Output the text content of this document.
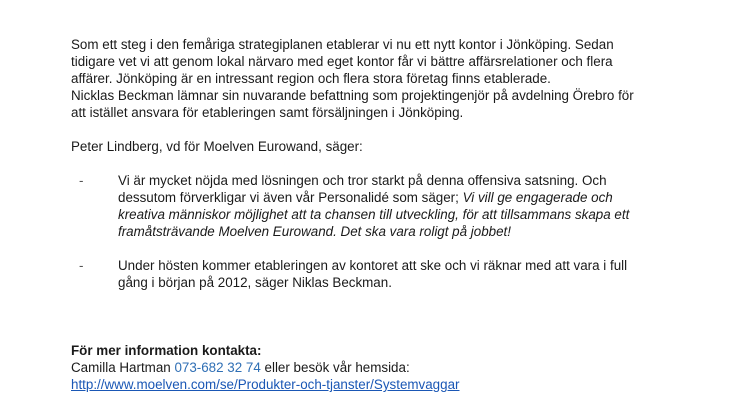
Som ett steg i den femåriga strategiplanen etablerar vi nu ett nytt kontor i Jönköping. Sedan
tidigare vet vi att genom lokal närvaro med eget kontor får vi bättre affärsrelationer och flera
affärer. Jönköping är en intressant region och flera stora företag finns etablerade.
Nicklas Beckman lämnar sin nuvarande befattning som projektingenjör på avdelning Örebro för
att istället ansvara för etableringen samt försäljningen i Jönköping.

Peter Lindberg, vd för Moelven Eurowand, säger:

-	Vi är mycket nöjda med lösningen och tror starkt på denna offensiva satsning. Och
dessutom förverkligar vi även vår Personalidé som säger; Vi vill ge engagerade och
kreativa människor möjlighet att ta chansen till utveckling, för att tillsammans skapa ett
framåtsträvande Moelven Eurowand. Det ska vara roligt på jobbet!
-	Under hösten kommer etableringen av kontoret att ske och vi räknar med att vara i full
gång i början på 2012, säger Niklas Beckman.

För mer information kontakta:

Camilla Hartman 073-682 32 74 eller besök vår hemsida:

http://www.moelven.com/se/Produkter-och-tjanster/Systemvaggar
